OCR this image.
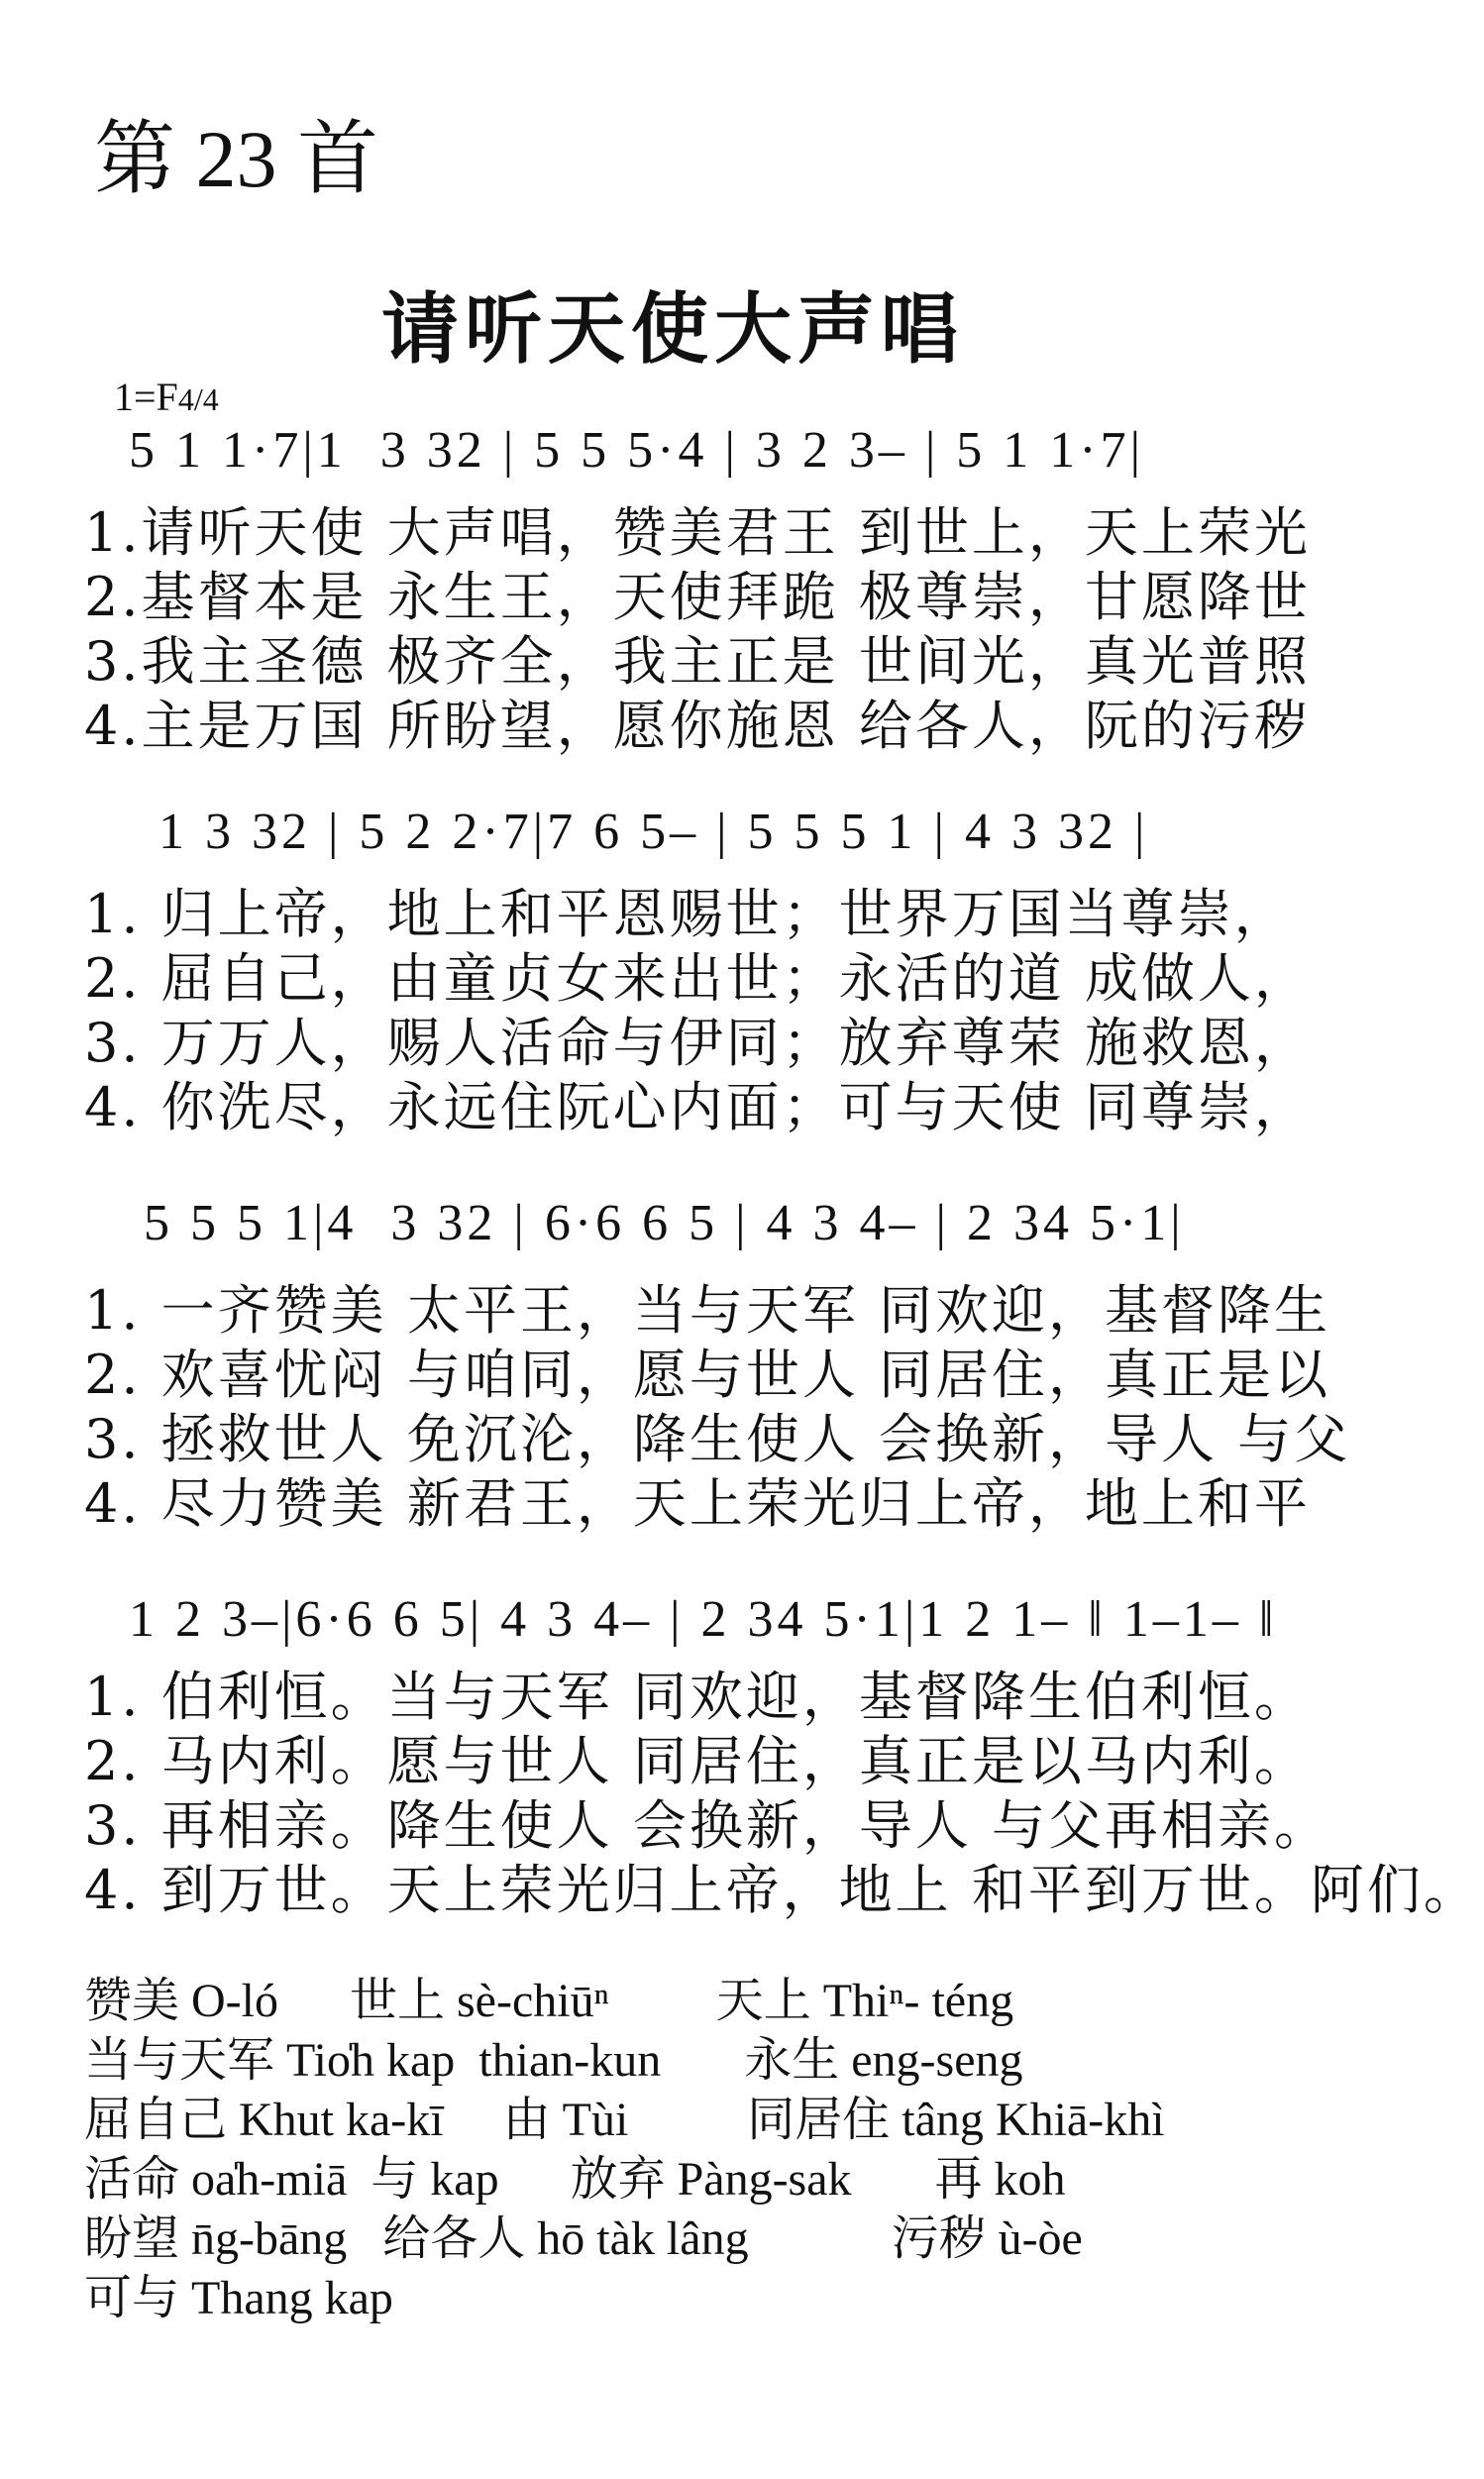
第 23 首

1=F4/4

请听天使大声唱
5 1 1·7|1  3 32 | 5 5 5·4 | 3 2 3– | 5 1 1·7|
1.请听天使 大声唱，赞美君王 到世上，天上荣光
2.基督本是 永生王，天使拜跪 极尊崇，甘愿降世
3.我主圣德 极齐全，我主正是 世间光，真光普照
4.主是万国 所盼望，愿你施恩 给各人，阮的污秽
1 3 32 | 5 2 2·7|7 6 5– | 5 5 5 1 | 4 3 32 |
1. 归上帝，地上和平恩赐世；世界万国当尊崇，
2. 屈自己，由童贞女来出世；永活的道 成做人，
3. 万万人，赐人活命与伊同；放弃尊荣 施救恩，
4. 你洗尽，永远住阮心内面；可与天使 同尊崇，
5 5 5 1|4  3 32 | 6·6 6 5 | 4 3 4– | 2 34 5·1|
1. 一齐赞美 太平王，当与天军 同欢迎，基督降生
2. 欢喜忧闷 与咱同，愿与世人 同居住，真正是以
3. 拯救世人 免沉沦，降生使人 会换新，导人 与父
4. 尽力赞美 新君王，天上荣光归上帝，地上和平
1 2 3–|6·6 6 5| 4 3 4– | 2 34 5·1|1 2 1– ‖ 1–1– ‖
1. 伯利恒。当与天军 同欢迎，基督降生伯利恒。
2. 马内利。愿与世人 同居住，真正是以马内利。
3. 再相亲。降生使人 会换新，导人 与父再相亲。
4. 到万世。天上荣光归上帝，地上 和平到万世。阿们。
赞美 O-ló      世上 sè-chiūⁿ         天上 Thiⁿ- téng
当与天军 Tio̍h kap  thian-kun       永生 eng-seng
屈自己 Khut ka-kī     由 Tùi          同居住 tâng Khiā-khì
活命 oa̍h-miā  与 kap      放弃 Pàng-sak       再 koh
盼望 n̄g-bāng   给各人 hō tàk lâng            污秽 ù-òe
可与 Thang kap
